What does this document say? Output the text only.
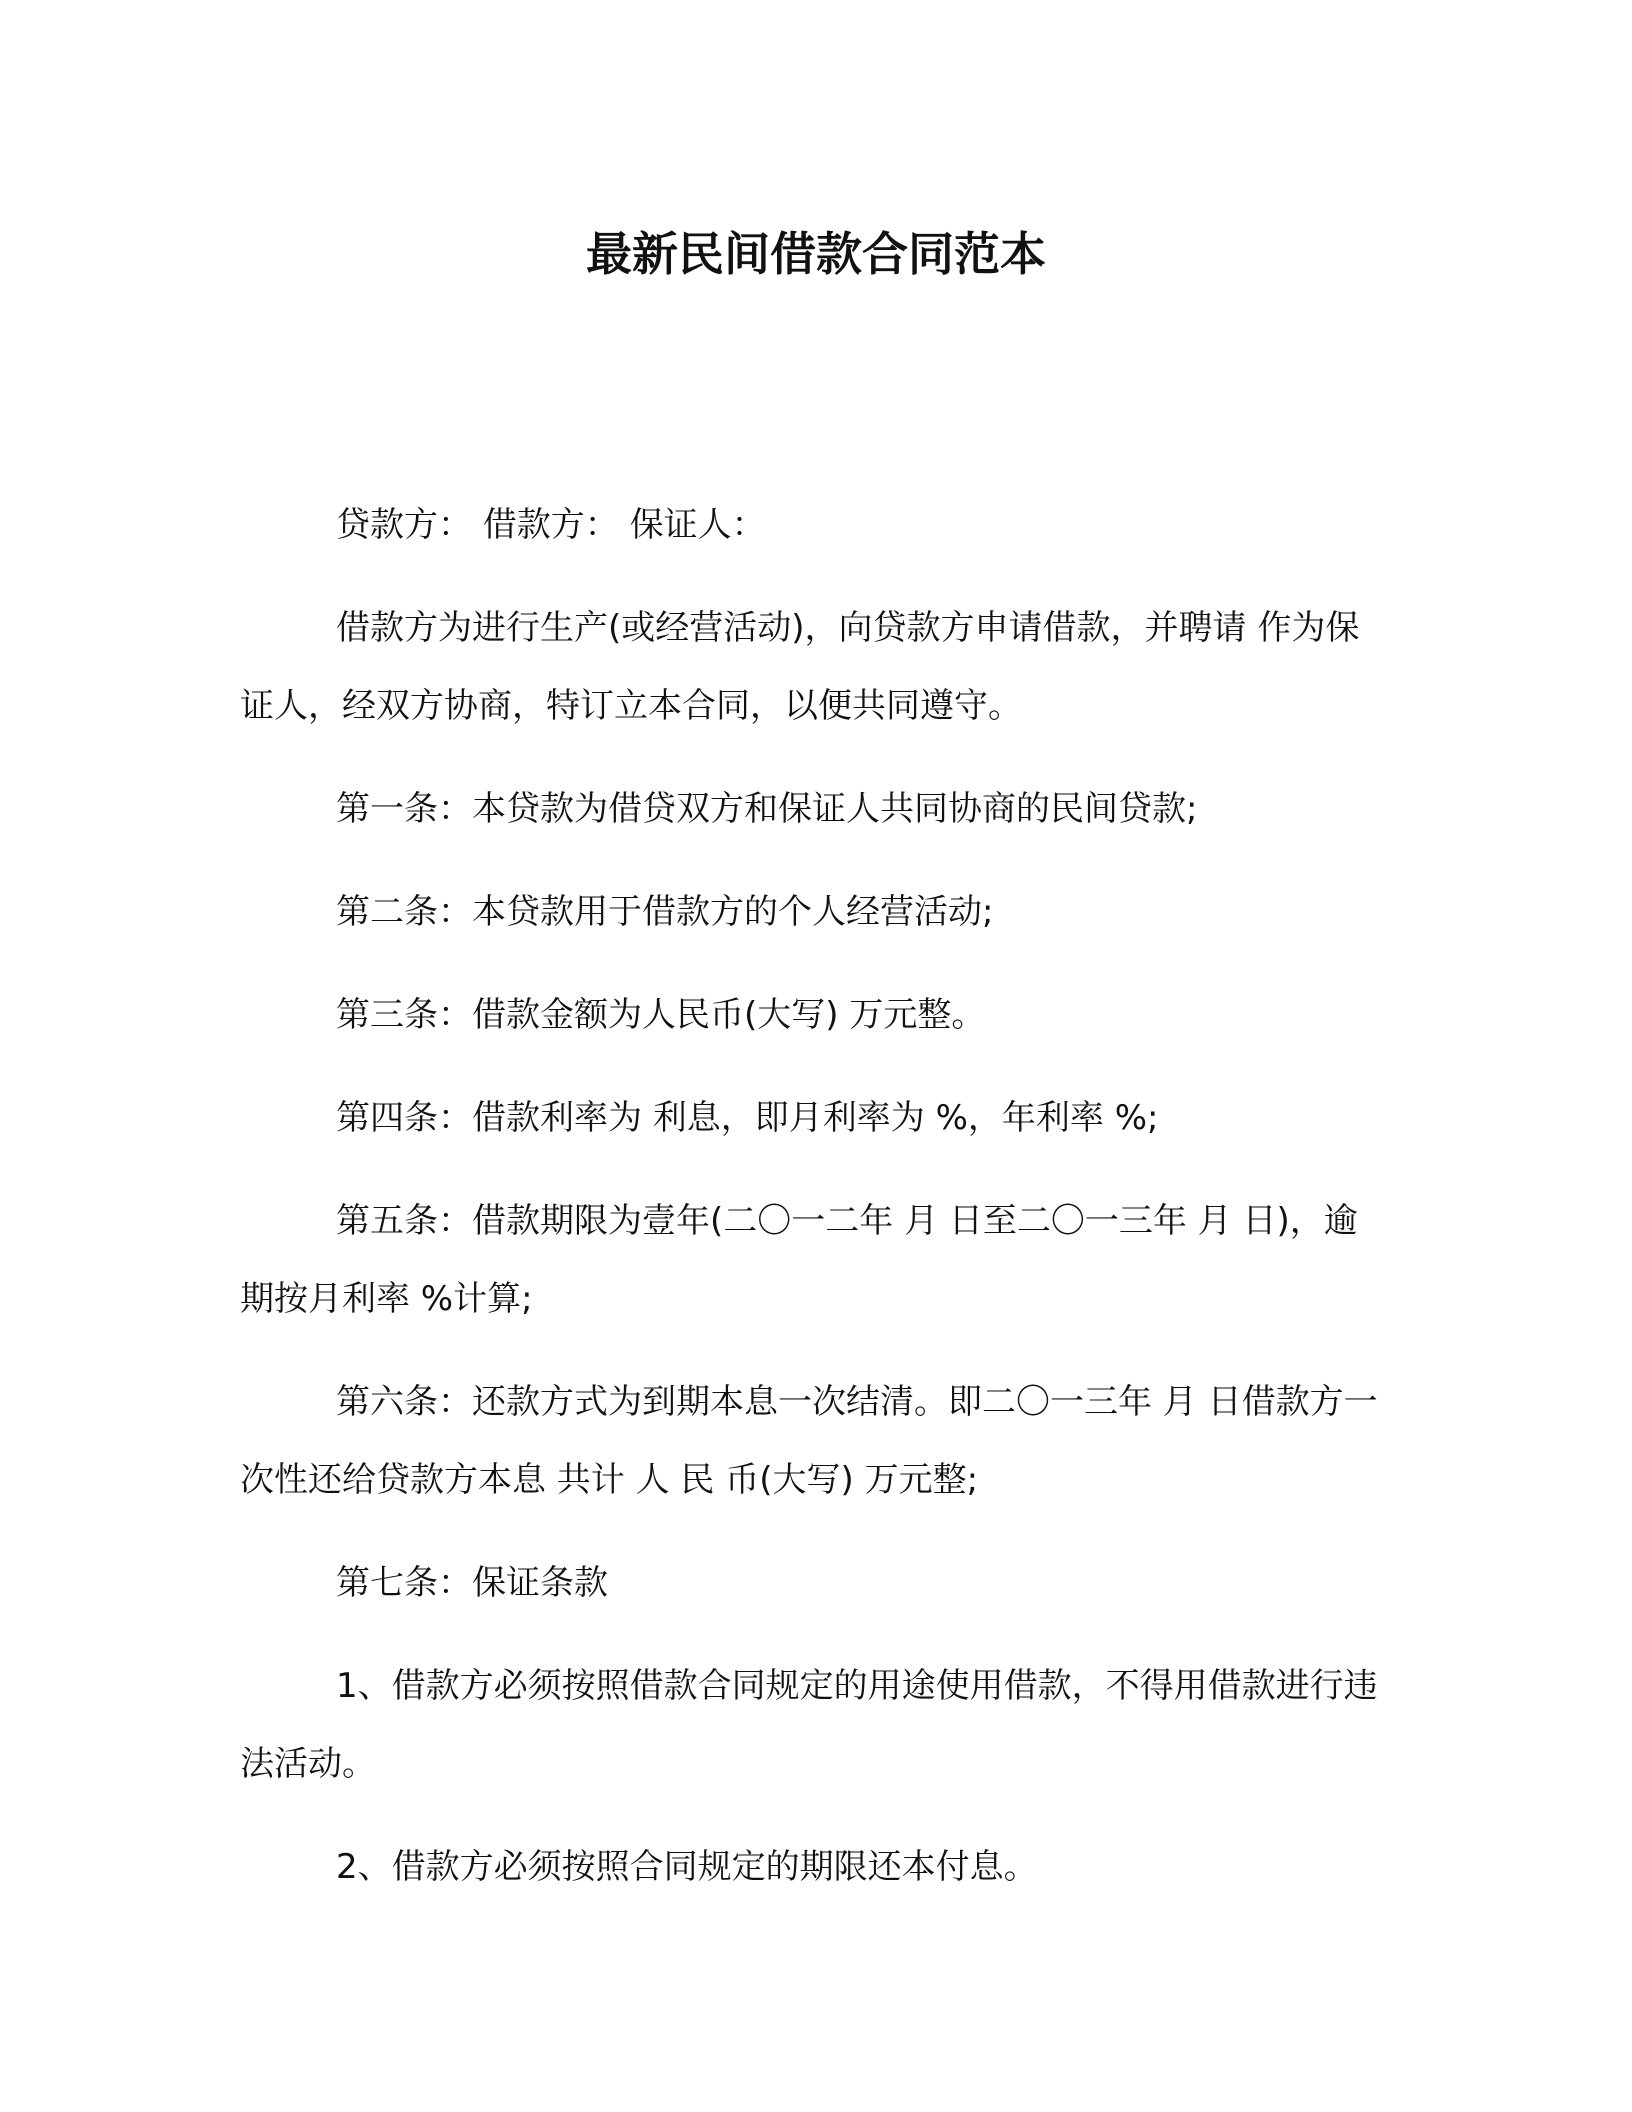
最新民间借款合同范本

贷款方： 借款方： 保证人：

借款方为进行生产(或经营活动)，向贷款方申请借款，并聘请 作为保证人，经双方协商，特订立本合同，以便共同遵守。

第一条：本贷款为借贷双方和保证人共同协商的民间贷款;

第二条：本贷款用于借款方的个人经营活动;

第三条：借款金额为人民币(大写) 万元整。

第四条：借款利率为 利息，即月利率为 %，年利率 %;

第五条：借款期限为壹年(二〇一二年 月 日至二〇一三年 月 日)，逾期按月利率 %计算;

第六条：还款方式为到期本息一次结清。即二〇一三年 月 日借款方一次性还给贷款方本息 共计 人 民 币(大写) 万元整;

第七条：保证条款

1、借款方必须按照借款合同规定的用途使用借款，不得用借款进行违法活动。

2、借款方必须按照合同规定的期限还本付息。
